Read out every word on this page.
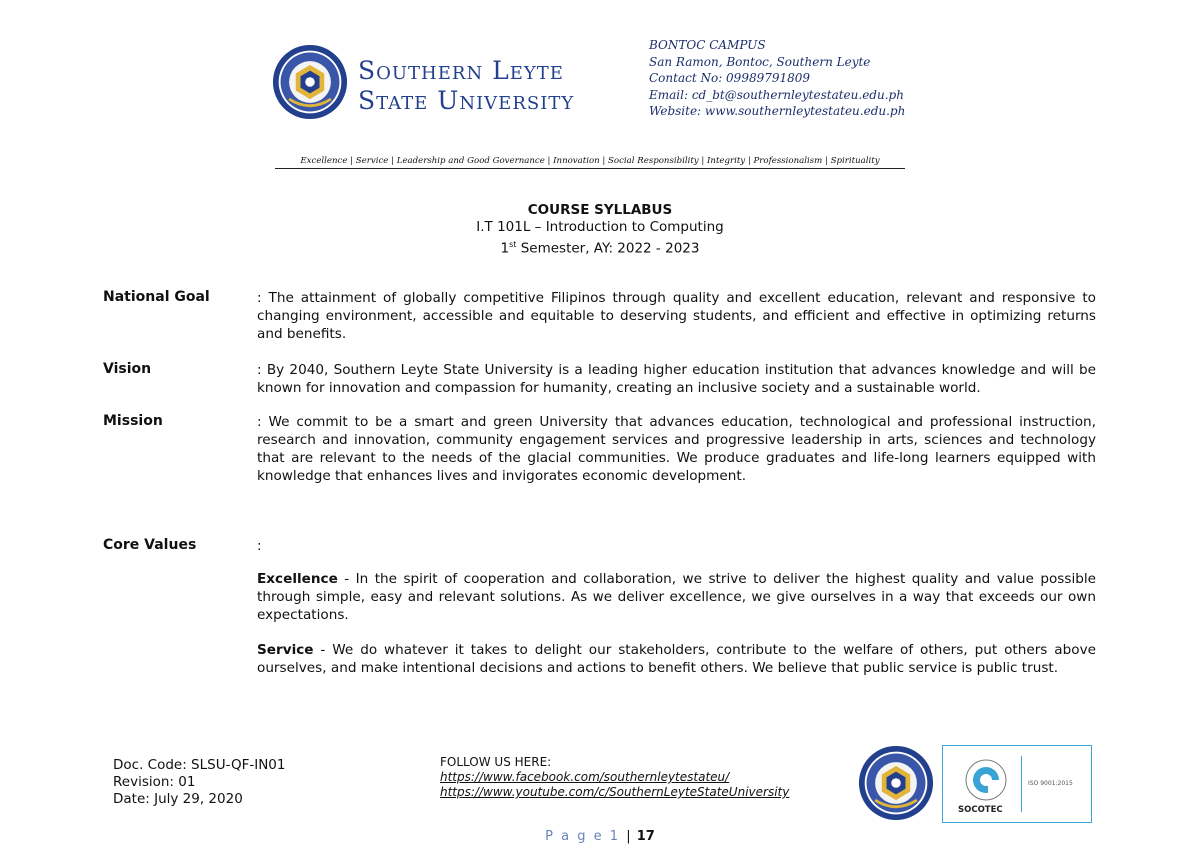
Southern Leyte
State University
BONTOC CAMPUS
San Ramon, Bontoc, Southern Leyte
Contact No: 09989791809
Email: cd_bt@southernleytestateu.edu.ph
Website: www.southernleytestateu.edu.ph
Excellence | Service | Leadership and Good Governance | Innovation | Social Responsibility | Integrity | Professionalism | Spirituality
COURSE SYLLABUS
I.T 101L – Introduction to Computing
1st Semester, AY: 2022 - 2023
National Goal	: The attainment of globally competitive Filipinos through quality and excellent education, relevant and responsive to changing environment, accessible and equitable to deserving students, and efficient and effective in optimizing returns and benefits.
Vision	: By 2040, Southern Leyte State University is a leading higher education institution that advances knowledge and will be known for innovation and compassion for humanity, creating an inclusive society and a sustainable world.
Mission	: We commit to be a smart and green University that advances education, technological and professional instruction, research and innovation, community engagement services and progressive leadership in arts, sciences and technology that are relevant to the needs of the glacial communities. We produce graduates and life-long learners equipped with knowledge that enhances lives and invigorates economic development.
Core Values	:
Excellence - In the spirit of cooperation and collaboration, we strive to deliver the highest quality and value possible through simple, easy and relevant solutions. As we deliver excellence, we give ourselves in a way that exceeds our own expectations.
Service - We do whatever it takes to delight our stakeholders, contribute to the welfare of others, put others above ourselves, and make intentional decisions and actions to benefit others. We believe that public service is public trust.
Doc. Code: SLSU-QF-IN01
Revision: 01
Date: July 29, 2020
FOLLOW US HERE:
https://www.facebook.com/southernleytestateu/
https://www.youtube.com/c/SouthernLeyteStateUniversity
SOCOTEC
ISO 9001:2015
P a g e 1 | 17
